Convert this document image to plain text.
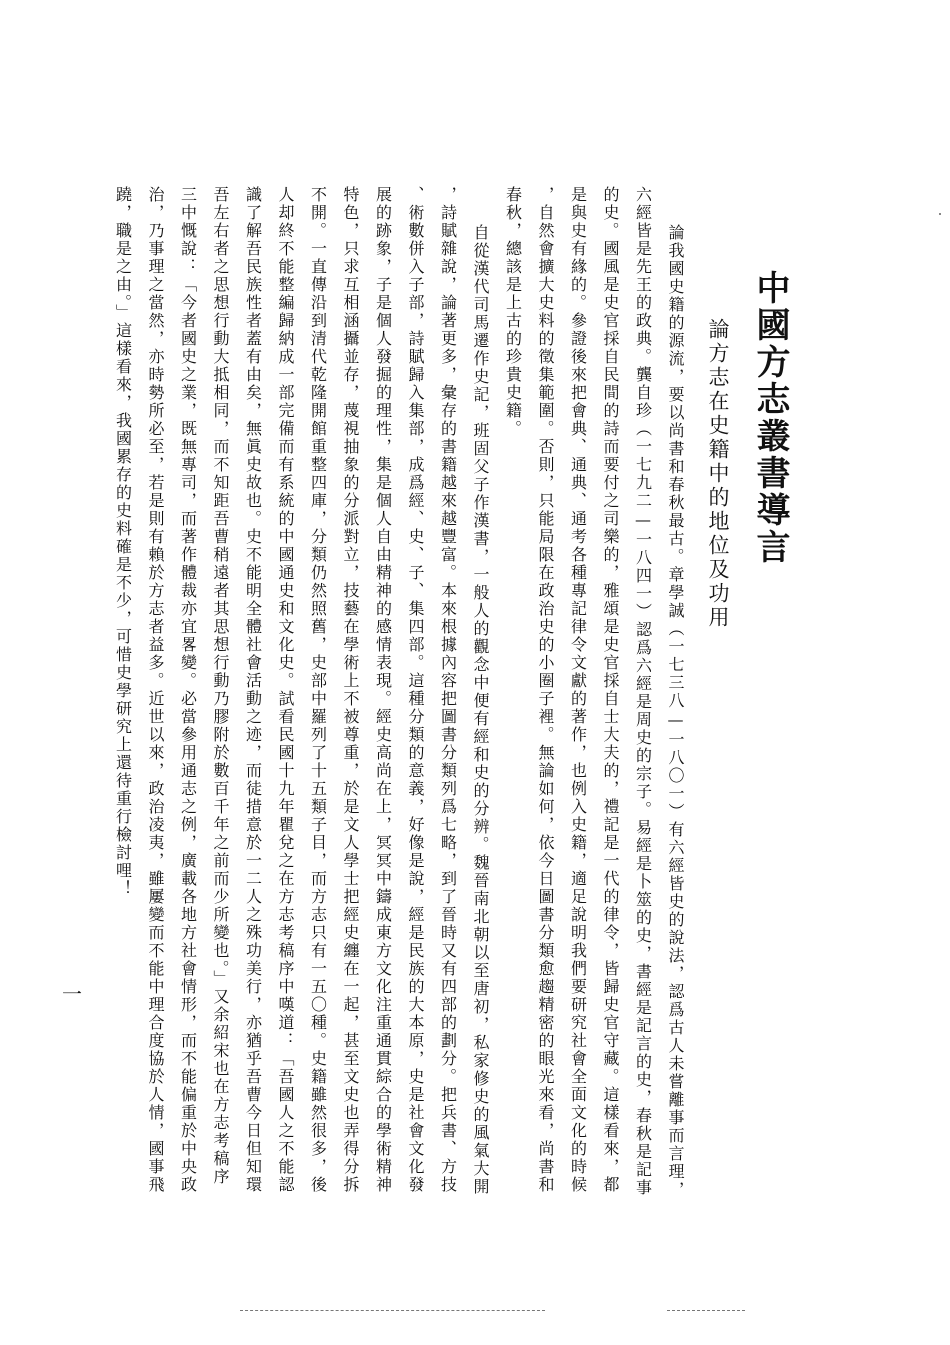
中國方志叢書導言
論方志在史籍中的地位及功用
論我國史籍的源流，要以尚書和春秋最古。章學誠（一七三八—一八〇一）有六經皆史的說法，認爲古人未嘗離事而言理，
六經皆是先王的政典。龔自珍（一七九二—一八四一）認爲六經是周史的宗子。易經是卜筮的史，書經是記言的史，春秋是記事
的史。國風是史官採自民間的詩而要付之司樂的，雅頌是史官採自士大夫的，禮記是一代的律令，皆歸史官守藏。這樣看來，都
是與史有緣的。參證後來把會典、通典、通考各種專記律令文獻的著作，也例入史籍，適足說明我們要研究社會全面文化的時候
，自然會擴大史料的徵集範圍。否則，只能局限在政治史的小圈子裡。無論如何，依今日圖書分類愈趨精密的眼光來看，尚書和
春秋，總該是上古的珍貴史籍。
自從漢代司馬遷作史記，班固父子作漢書，一般人的觀念中便有經和史的分辨。魏晉南北朝以至唐初，私家修史的風氣大開
，詩賦雜說，論著更多，彙存的書籍越來越豐富。本來根據內容把圖書分類列爲七略，到了晉時又有四部的劃分。把兵書、方技
、術數併入子部，詩賦歸入集部，成爲經、史、子、集四部。這種分類的意義，好像是說，經是民族的大本原，史是社會文化發
展的跡象，子是個人發掘的理性，集是個人自由精神的感情表現。經史高尚在上，冥冥中鑄成東方文化注重通貫綜合的學術精神
特色，只求互相涵攝並存，蔑視抽象的分派對立，技藝在學術上不被尊重，於是文人學士把經史纏在一起，甚至文史也弄得分拆
不開。一直傳沿到清代乾隆開館重整四庫，分類仍然照舊，史部中羅列了十五類子目，而方志只有一五〇種。史籍雖然很多，後
人却終不能整編歸納成一部完備而有系統的中國通史和文化史。試看民國十九年瞿兌之在方志考稿序中嘆道：「吾國人之不能認
識了解吾民族性者蓋有由矣，無眞史故也。史不能明全體社會活動之迹，而徒措意於一二人之殊功美行，亦猶乎吾曹今日但知環
吾左右者之思想行動大抵相同，而不知距吾曹稍遠者其思想行動乃膠附於數百千年之前而少所變也。」又余紹宋也在方志考稿序
三中慨說：「今者國史之業，既無專司，而著作體裁亦宜畧變。必當參用通志之例，廣載各地方社會情形，而不能偏重於中央政
治，乃事理之當然，亦時勢所必至，若是則有賴於方志者益多。近世以來，政治凌夷，雖屢變而不能中理合度協於人情，國事飛
蹺，職是之由。」這樣看來，我國累存的史料確是不少，可惜史學研究上還待重行檢討哩！
一
